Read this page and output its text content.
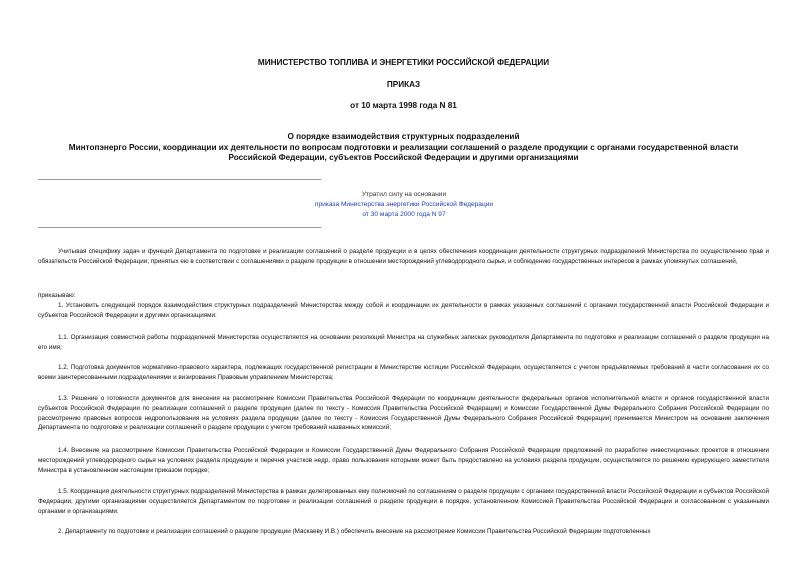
МИНИСТЕРСТВО ТОПЛИВА И ЭНЕРГЕТИКИ РОССИЙСКОЙ ФЕДЕРАЦИИ
ПРИКАЗ
от 10 марта 1998 года N 81
О порядке взаимодействия структурных подразделений
Минтопэнерго России, координации их деятельности по вопросам подготовки и реализации соглашений о разделе продукции с органами государственной власти
Российской Федерации, субъектов Российской Федерации и другими организациями
Утратил силу на основании
приказа Министерства энергетики Российской Федерации
от 30 марта 2000 года N 97

Учитывая специфику задач и функций Департамента по подготовке и реализации соглашений о разделе продукции и в целях обеспечения координации деятельности структурных подразделений Министерства по осуществлению прав и обязательств Российской Федерации, принятых ею в соответствии с соглашениями о разделе продукции в отношении месторождений углеводородного сырья, и соблюдению государственных интересов в рамках упомянутых соглашений,

приказываю:

1. Установить следующий порядок взаимодействия структурных подразделений Министерства между собой и координации их деятельности в рамках указанных соглашений с органами государственной власти Российской Федерации и субъектов Российской Федерации и другими организациями:

1.1. Организация совместной работы подразделений Министерства осуществляется на основании резолюций Министра на служебных записках руководителя Департамента по подготовке и реализации соглашений о разделе продукции на его имя;

1.2. Подготовка документов нормативно-правового характера, подлежащих государственной регистрации в Министерстве юстиции Российской Федерации, осуществляется с учетом предъявляемых требований в части согласования их со всеми заинтересованными подразделениями и визирования Правовым управлением Министерства;

1.3. Решение о готовности документов для внесения на рассмотрение Комиссии Правительства Российской Федерации по координации деятельности федеральных органов исполнительной власти и органов государственной власти субъектов Российской Федерации по реализации соглашений о разделе продукции (далее по тексту - Комиссия Правительства Российской Федерации) и Комиссии Государственной Думы Федерального Собрания Российской Федерации по рассмотрению правовых вопросов недропользования на условиях раздела продукции (далее по тексту - Комиссия Государственной Думы Федерального Собрания Российской Федерации) принимается Министром на основании заключения Департамента по подготовке и реализации соглашений о разделе продукции с учетом требований названных комиссий;

1.4. Внесение на рассмотрение Комиссии Правительства Российской Федерации и Комиссии Государственной Думы Федерального Собрания Российской Федерации предложений по разработке инвестиционных проектов в отношении месторождений углеводородного сырья на условиях раздела продукции и перечня участков недр, право пользования которыми может быть предоставлено на условиях раздела продукции, осуществляется по решению курирующего заместителя Министра в установленном настоящим приказом порядке;

1.5. Координация деятельности структурных подразделений Министерства в рамках делегированных ему полномочий по соглашениям о разделе продукции с органами государственной власти Российской Федерации и субъектов Российской Федерации, другими организациями осуществляется Департаментом по подготовке и реализации соглашений о разделе продукции в порядке, установленном Комиссией Правительства Российской Федерации и согласованном с указанными органами и организациями.

2. Департаменту по подготовке и реализации соглашений о разделе продукции (Маскаеву И.В.) обеспечить внесение на рассмотрение Комиссии Правительства Российской Федерации подготовленных
